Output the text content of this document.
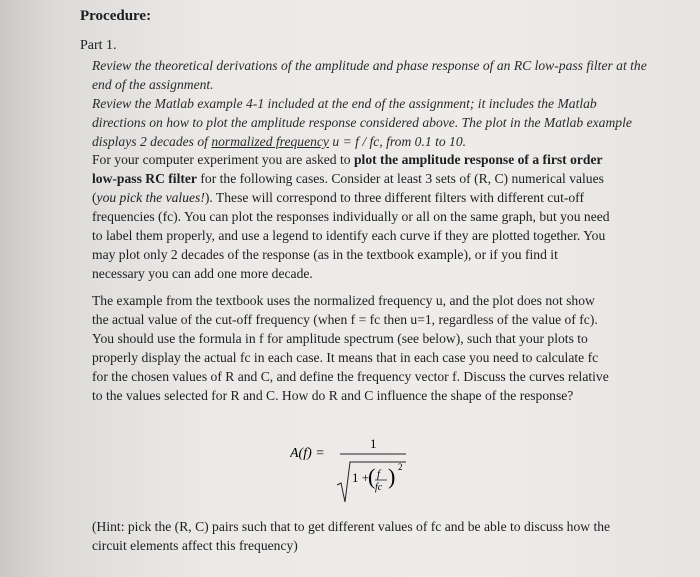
Procedure:
Part 1.

Review the theoretical derivations of the amplitude and phase response of an RC low-pass filter at the end of the assignment.

Review the Matlab example 4-1 included at the end of the assignment; it includes the Matlab directions on how to plot the amplitude response considered above. The plot in the Matlab example displays 2 decades of normalized frequency u = f / fc, from 0.1 to 10.

For your computer experiment you are asked to plot the amplitude response of a first order low-pass RC filter for the following cases. Consider at least 3 sets of (R, C) numerical values (you pick the values!). These will correspond to three different filters with different cut-off frequencies (fc). You can plot the responses individually or all on the same graph, but you need to label them properly, and use a legend to identify each curve if they are plotted together. You may plot only 2 decades of the response (as in the textbook example), or if you find it necessary you can add one more decade.
The example from the textbook uses the normalized frequency u, and the plot does not show the actual value of the cut-off frequency (when f = fc then u=1, regardless of the value of fc). You should use the formula in f for amplitude spectrum (see below), such that your plots to properly display the actual fc in each case. It means that in each case you need to calculate fc for the chosen values of R and C, and define the frequency vector f. Discuss the curves relative to the values selected for R and C. How do R and C influence the shape of the response?
A(f) =
1
1 +
( f
fc ) 2
(Hint: pick the (R, C) pairs such that to get different values of fc and be able to discuss how the circuit elements affect this frequency)
